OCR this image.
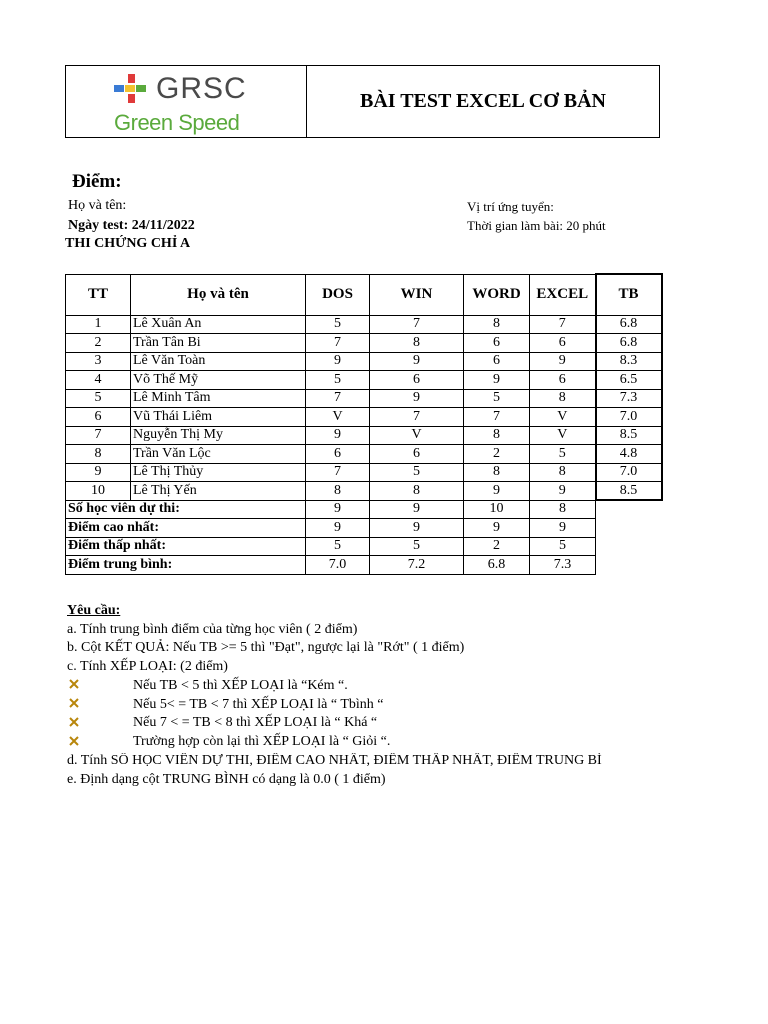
GRSC
Green Speed
BÀI TEST EXCEL CƠ BẢN
Điểm:
Họ và tên:
Ngày test: 24/11/2022
THI CHỨNG CHỈ A
Vị trí ứng tuyển:
Thời gian làm bài: 20 phút
TT	Họ và tên	DOS	WIN	WORD	EXCEL	TB
1	Lê Xuân An	5	7	8	7	6.8
2	Trần Tân Bi	7	8	6	6	6.8
3	Lê Văn Toàn	9	9	6	9	8.3
4	Võ Thế Mỹ	5	6	9	6	6.5
5	Lê Minh Tâm	7	9	5	8	7.3
6	Vũ Thái Liêm	V	7	7	V	7.0
7	Nguyễn Thị My	9	V	8	V	8.5
8	Trần Văn Lộc	6	6	2	5	4.8
9	Lê Thị Thủy	7	5	8	8	7.0
10	Lê Thị Yến	8	8	9	9	8.5
Số học viên dự thi:		9	9	10	8	
Điểm cao nhất:		9	9	9	9	
Điểm thấp nhất:		5	5	2	5	
Điểm trung bình:		7.0	7.2	6.8	7.3	
Yêu cầu:
a. Tính trung bình điểm của từng học viên ( 2 điểm)
b. Cột KẾT QUẢ: Nếu TB >= 5 thì "Đạt", ngược lại là "Rớt" ( 1 điểm)
c. Tính XẾP LOẠI: (2 điểm)
Nếu TB < 5 thì XẾP LOẠI là “Kém “.
Nếu 5< = TB < 7 thì XẾP LOẠI là “ Tbình “
Nếu 7 < = TB < 8 thì XẾP LOẠI là “ Khá “
Trường hợp còn lại thì XẾP LOẠI là “ Giỏi “.
d. Tính SỐ HỌC VIÊN DỰ THI, ĐIỂM CAO NHẤT, ĐIỂM THẤP NHẤT, ĐIỂM TRUNG BÌ
e. Định dạng cột TRUNG BÌNH có dạng là 0.0 ( 1 điểm)
